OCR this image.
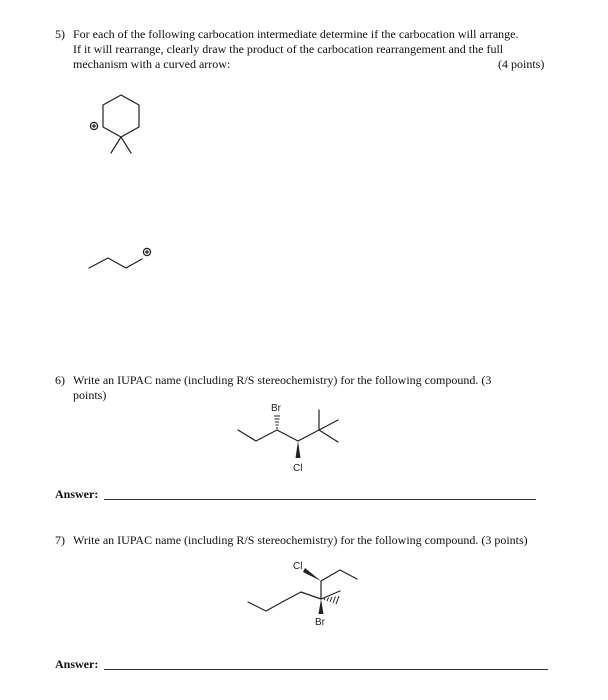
5) For each of the following carbocation intermediate determine if the carbocation will arrange.
If it will rearrange, clearly draw the product of the carbocation rearrangement and the full
mechanism with a curved arrow:	(4 points)
6) Write an IUPAC name (including R/S stereochemistry) for the following compound. (3
points)
Br
Cl
Answer:
7) Write an IUPAC name (including R/S stereochemistry) for the following compound. (3 points)
Cl
Br
Answer:
